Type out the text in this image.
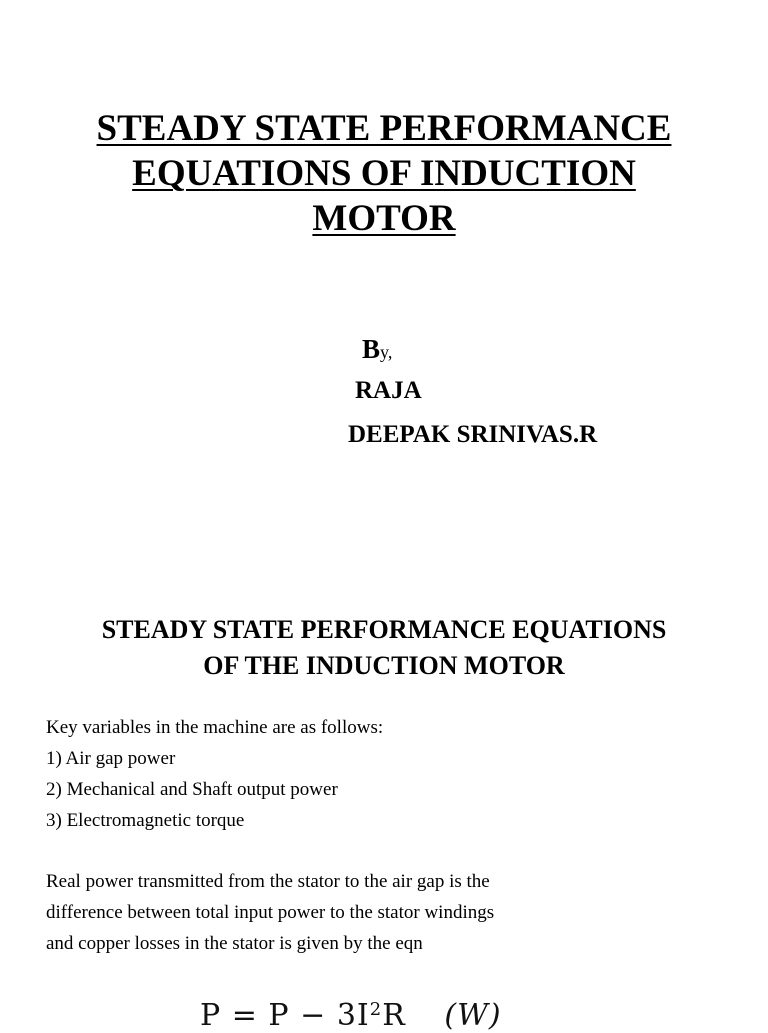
STEADY STATE PERFORMANCE
EQUATIONS OF INDUCTION
MOTOR
By,
RAJA
DEEPAK SRINIVAS.R
STEADY STATE PERFORMANCE EQUATIONS
OF THE INDUCTION MOTOR
Key variables in the machine are as follows:
1) Air gap power
2) Mechanical and Shaft output power
3) Electromagnetic torque
Real power transmitted from the stator to the air gap is the
difference between total input power to the stator windings
and copper losses in the stator is given by the eqn
$P = P - 3I^2R$ (W)
